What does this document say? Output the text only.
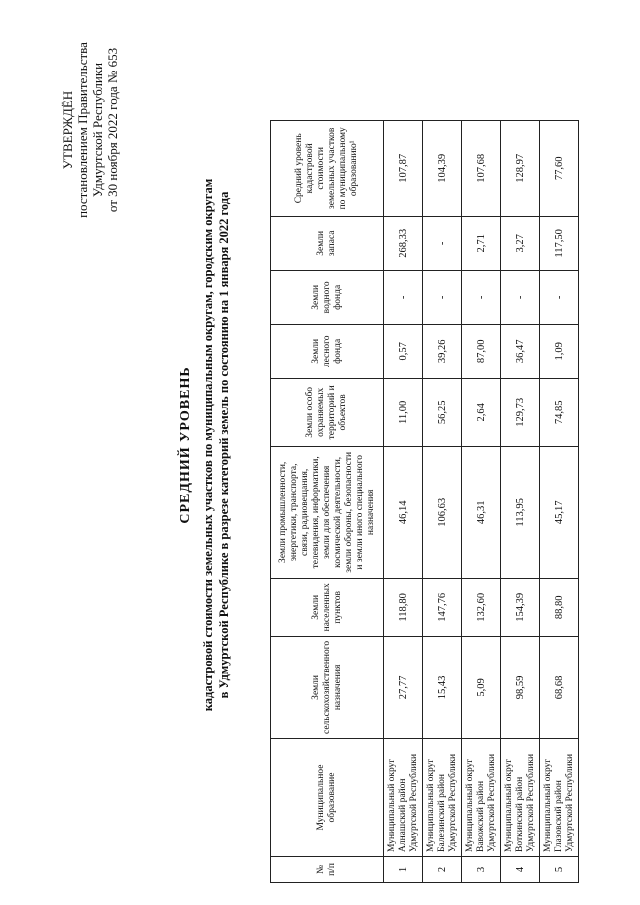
УТВЕРЖДЁН постановлением Правительства Удмуртской Республики от 30 ноября 2022 года № 653
СРЕДНИЙ УРОВЕНЬ кадастровой стоимости земельных участков по муниципальным округам, городским округам в Удмуртской Республике в разрезе категорий земель по состоянию на 1 января 2022 года
№ п/п	Муниципальное образование	Земли сельскохозяйственного назначения	Земли населенных пунктов	Земли промышленности, энергетики, транспорта, связи, радиовещания, телевидения, информатики, земли для обеспечения космической деятельности, земли обороны, безопасности и земли иного специального назначения	Земли особо охраняемых территорий и объектов	Земли лесного фонда	Земли водного фонда	Земли запаса	Средний уровень кадастровой стоимости земельных участков по муниципальному образованию¹
1	Муниципальный округ Алнашский район Удмуртской Республики	27,77	118,80	46,14	11,00	0,57	-	268,33	107,87
2	Муниципальный округ Балезинский район Удмуртской Республики	15,43	147,76	106,63	56,25	39,26	-	-	104,39
3	Муниципальный округ Вавожский район Удмуртской Республики	5,09	132,60	46,31	2,64	87,00	-	2,71	107,68
4	Муниципальный округ Воткинский район Удмуртской Республики	98,59	154,39	113,95	129,73	36,47	-	3,27	128,97
5	Муниципальный округ Глазовский район Удмуртской Республики	68,68	88,80	45,17	74,85	1,09	-	117,50	77,60
